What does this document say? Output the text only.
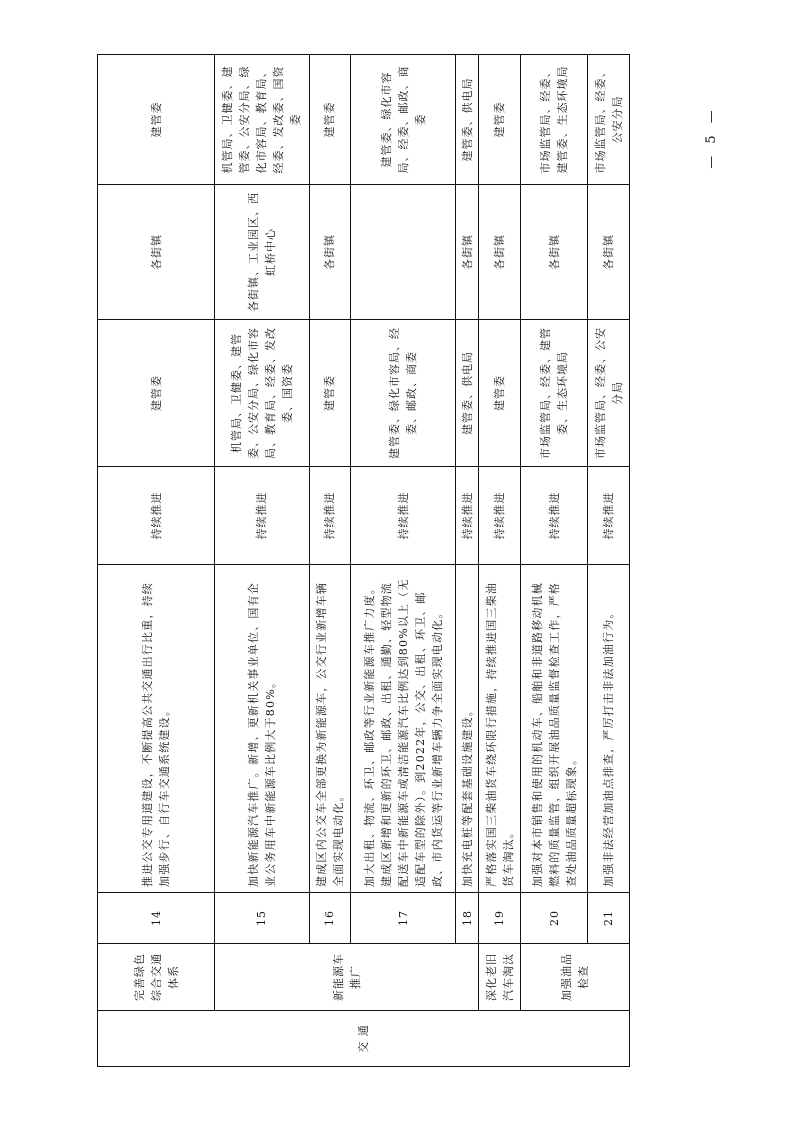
交 通	完善绿色综合交通体系	14	推进公交专用道建设，不断提高公共交通出行比重，持续加强步行、自行车交通系统建设。	持续推进	建管委	各街镇	建管委
	新能源车推广	15	加快新能源汽车推广。新增、更新机关事业单位、国有企业公务用车中新能源车比例大于80%。	持续推进	机管局、卫健委、建管委、公安分局、绿化市容局、教育局、经委、发改委、国资委	各街镇、工业园区、西虹桥中心	机管局、卫健委、建管委、公安分局、绿化市容局、教育局、经委、发改委、国资委
		16	建成区内公交车全部更换为新能源车，公交行业新增车辆全面实现电动化。	持续推进	建管委	各街镇	建管委
		17	加大出租、物流、环卫、邮政等行业新能源车推广力度。建成区新增和更新的环卫、邮政、出租、通勤、轻型物流配送车中新能源车或清洁能源汽车比例达到80%以上（无适配车型的除外）。到2022年，公交、出租、环卫、邮政、市内货运等行业新增车辆力争全面实现电动化。	持续推进	建管委、绿化市容局、经委、邮政、商委		建管委、绿化市容局、经委、邮政、商委
		18	加快充电桩等配套基础设施建设。	持续推进	建管委、供电局	各街镇	建管委、供电局
	深化老旧汽车淘汰	19	严格落实国三柴油货车绕环限行措施，持续推进国三柴油货车淘汰。	持续推进	建管委	各街镇	建管委
	加强油品检查	20	加强对本市销售和使用的机动车、船舶和非道路移动机械燃料的质量监管，组织开展油品质量监督检查工作，严格查处油品质量超标现象。	持续推进	市场监管局、经委、建管委、生态环境局	各街镇	市场监管局、经委、建管委、生态环境局
		21	加强非法经营加油点排查，严厉打击非法加油行为。	持续推进	市场监管局、经委、公安分局	各街镇	市场监管局、经委、公安分局	— 5 —
